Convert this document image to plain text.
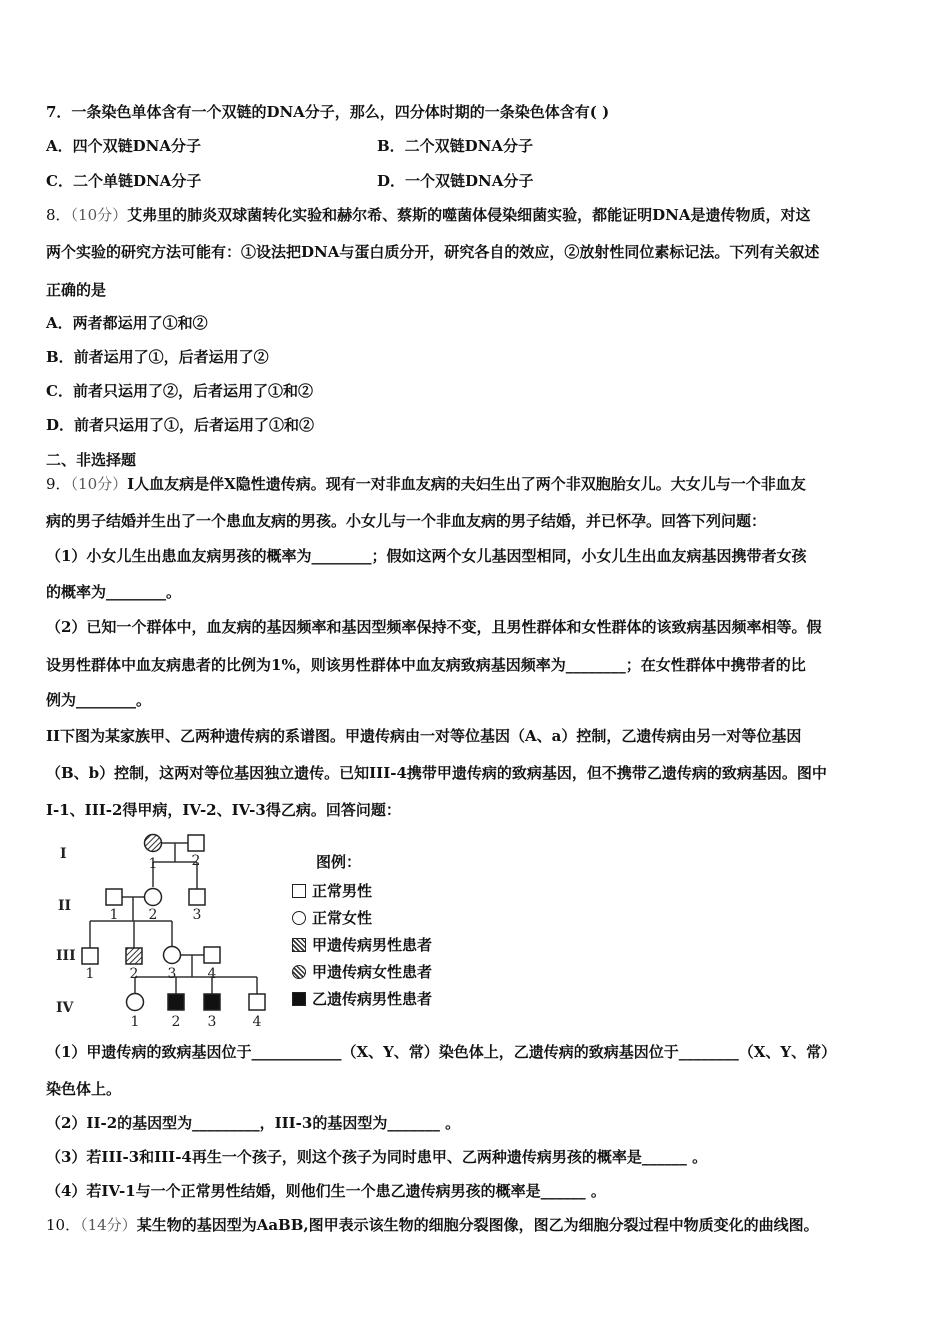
7．一条染色单体含有一个双链的DNA分子，那么，四分体时期的一条染色体含有( )
A．四个双链DNA分子	B．二个双链DNA分子
C．二个单链DNA分子	D．一个双链DNA分子
8．（10分）艾弗里的肺炎双球菌转化实验和赫尔希、蔡斯的噬菌体侵染细菌实验，都能证明DNA是遗传物质，对这
两个实验的研究方法可能有：①设法把DNA与蛋白质分开，研究各自的效应，②放射性同位素标记法。下列有关叙述
正确的是
A．两者都运用了①和②
B．前者运用了①，后者运用了②
C．前者只运用了②，后者运用了①和②
D．前者只运用了①，后者运用了①和②
二、非选择题
9．（10分）I人血友病是伴X隐性遗传病。现有一对非血友病的夫妇生出了两个非双胞胎女儿。大女儿与一个非血友
病的男子结婚并生出了一个患血友病的男孩。小女儿与一个非血友病的男子结婚，并已怀孕。回答下列问题：
（1）小女儿生出患血友病男孩的概率为________；假如这两个女儿基因型相同，小女儿生出血友病基因携带者女孩
的概率为________。
（2）已知一个群体中，血友病的基因频率和基因型频率保持不变，且男性群体和女性群体的该致病基因频率相等。假
设男性群体中血友病患者的比例为1%，则该男性群体中血友病致病基因频率为________；在女性群体中携带者的比
例为________。
II下图为某家族甲、乙两种遗传病的系谱图。甲遗传病由一对等位基因（A、a）控制，乙遗传病由另一对等位基因
（B、b）控制，这两对等位基因独立遗传。已知III-4携带甲遗传病的致病基因，但不携带乙遗传病的致病基因。图中
I-1、III-2得甲病，IV-2、IV-3得乙病。回答问题：
I
II
III
IV
1 2
1 2	3
1	2 3 4
1 2 3	4
图例：
正常男性
正常女性
甲遗传病男性患者
甲遗传病女性患者
乙遗传病男性患者
（1）甲遗传病的致病基因位于____________（X、Y、常）染色体上，乙遗传病的致病基因位于________（X、Y、常）
染色体上。
（2）II-2的基因型为_________，III-3的基因型为_______ 。
（3）若III-3和III-4再生一个孩子，则这个孩子为同时患甲、乙两种遗传病男孩的概率是______ 。
（4）若IV-1与一个正常男性结婚，则他们生一个患乙遗传病男孩的概率是______ 。
10．（14分）某生物的基因型为AaBB,图甲表示该生物的细胞分裂图像，图乙为细胞分裂过程中物质变化的曲线图。
